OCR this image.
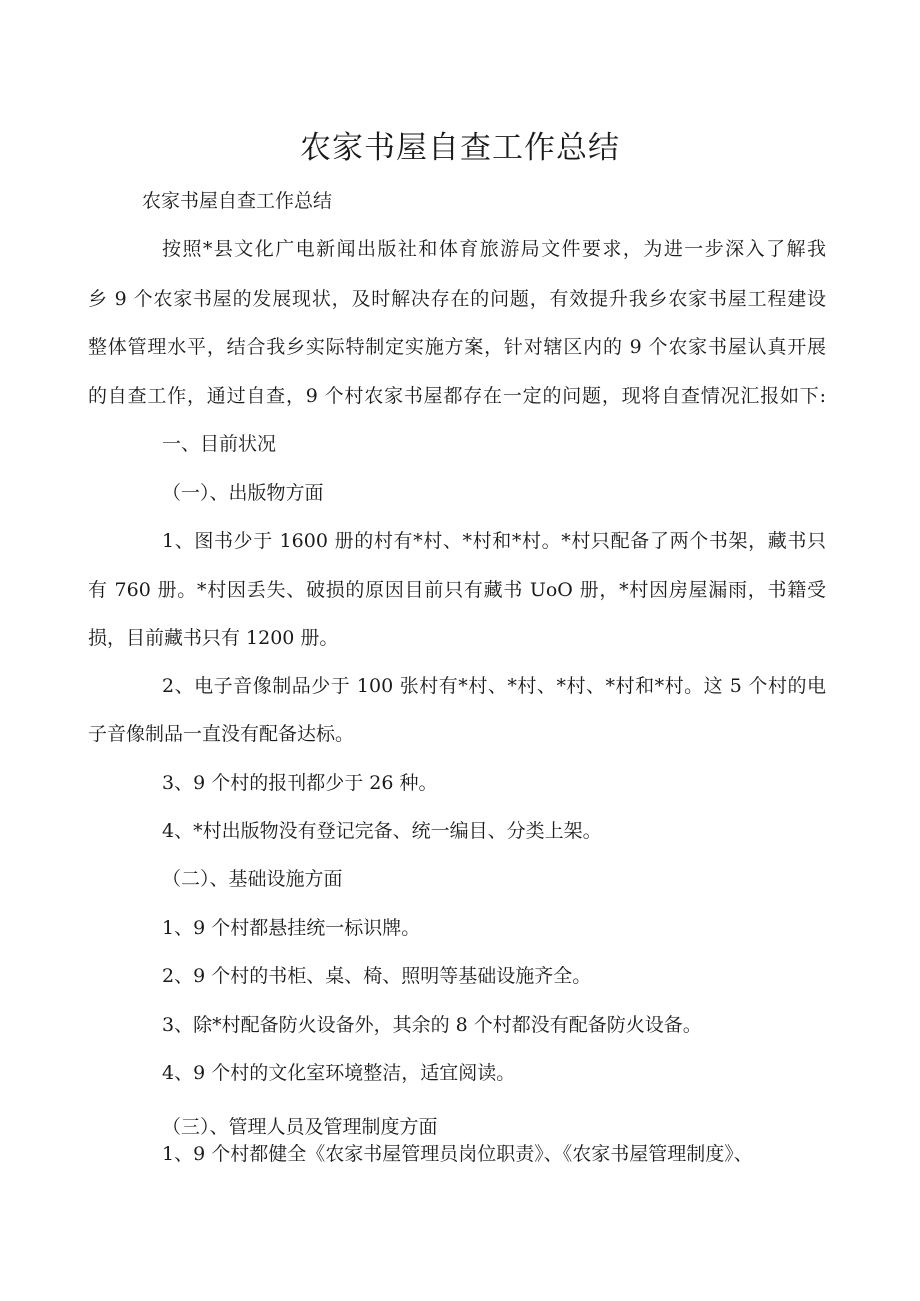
农家书屋自查工作总结

农家书屋自查工作总结

按照*县文化广电新闻出版社和体育旅游局文件要求，为进一步深入了解我

乡 9 个农家书屋的发展现状，及时解决存在的问题，有效提升我乡农家书屋工程建设

整体管理水平，结合我乡实际特制定实施方案，针对辖区内的 9 个农家书屋认真开展

的自查工作，通过自查，9 个村农家书屋都存在一定的问题，现将自查情况汇报如下:

一、目前状况

（一）、出版物方面

1、图书少于 1600 册的村有*村、*村和*村。*村只配备了两个书架，藏书只

有 760 册。*村因丢失、破损的原因目前只有藏书 UoO 册，*村因房屋漏雨，书籍受

损，目前藏书只有 1200 册。

2、电子音像制品少于 100 张村有*村、*村、*村、*村和*村。这 5 个村的电

子音像制品一直没有配备达标。

3、9 个村的报刊都少于 26 种。

4、*村出版物没有登记完备、统一编目、分类上架。

（二）、基础设施方面

1、9 个村都悬挂统一标识牌。

2、9 个村的书柜、桌、椅、照明等基础设施齐全。

3、除*村配备防火设备外，其余的 8 个村都没有配备防火设备。

4、9 个村的文化室环境整洁，适宜阅读。

（三）、管理人员及管理制度方面

1、9 个村都健全《农家书屋管理员岗位职责》、《农家书屋管理制度》、
